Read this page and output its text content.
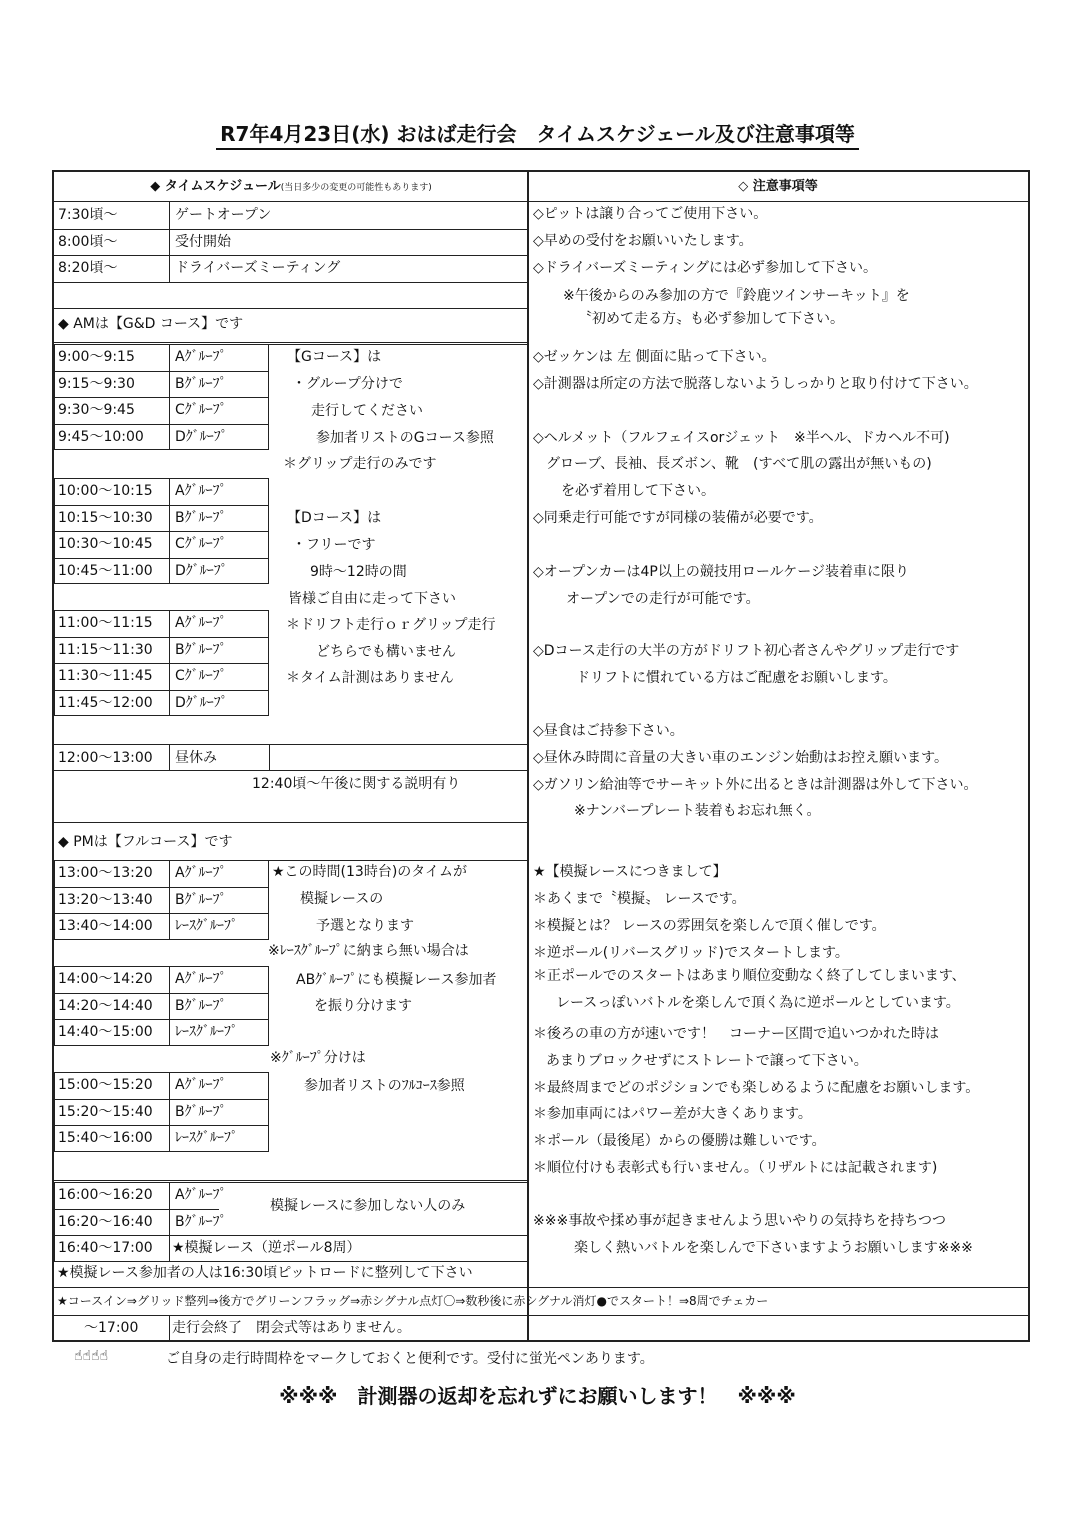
R7年4月23日(水) おはば走行会　タイムスケジェール及び注意事項等
◆ タイムスケジュール(当日多少の変更の可能性もあります)	◇ 注意事項等
7:30頃～	ゲートオープン
8:00頃～	受付開始
8:20頃～	ドライバーズミーティング
◆ AMは【G&D コース】です
9:00～9:15	Aｸﾞﾙｰﾌﾟ
9:15～9:30	Bｸﾞﾙｰﾌﾟ
9:30～9:45	Cｸﾞﾙｰﾌﾟ
9:45～10:00 Dｸﾞﾙｰﾌﾟ
10:00～10:15 Aｸﾞﾙｰﾌﾟ
10:15～10:30 Bｸﾞﾙｰﾌﾟ
10:30～10:45 Cｸﾞﾙｰﾌﾟ
10:45～11:00 Dｸﾞﾙｰﾌﾟ
11:00～11:15 Aｸﾞﾙｰﾌﾟ
11:15～11:30 Bｸﾞﾙｰﾌﾟ
11:30～11:45 Cｸﾞﾙｰﾌﾟ
11:45～12:00 Dｸﾞﾙｰﾌﾟ
【Gコース】は
・グループ分けで
走行してください
参加者リストのGコース参照
＊グリップ走行のみです
【Dコース】は
・フリーです
9時～12時の間
皆様ご自由に走って下さい
＊ドリフト走行ｏｒグリップ走行
どちらでも構いません
＊タイム計測はありません
12:00～13:00 昼休み
12:40頃～午後に関する説明有り
◆ PMは【フルコース】です
13:00～13:20 Aｸﾞﾙｰﾌﾟ
13:20～13:40 Bｸﾞﾙｰﾌﾟ
13:40～14:00 ﾚｰｽｸﾞﾙｰﾌﾟ
14:00～14:20 Aｸﾞﾙｰﾌﾟ
14:20～14:40 Bｸﾞﾙｰﾌﾟ
14:40～15:00 ﾚｰｽｸﾞﾙｰﾌﾟ
15:00～15:20 Aｸﾞﾙｰﾌﾟ
15:20～15:40 Bｸﾞﾙｰﾌﾟ
15:40～16:00 ﾚｰｽｸﾞﾙｰﾌﾟ
★この時間(13時台)のタイムが
模擬レースの
予選となります
※ﾚｰｽｸﾞﾙｰﾌﾟに納まら無い場合は
ABｸﾞﾙｰﾌﾟにも模擬レース参加者
を振り分けます
※ｸﾞﾙｰﾌﾟ分けは
参加者リストのﾌﾙｺｰｽ参照
16:00～16:20 Aｸﾞﾙｰﾌﾟ
16:20～16:40 Bｸﾞﾙｰﾌﾟ
模擬レースに参加しない人のみ
16:40～17:00 ★模擬レース（逆ポール8周）
★模擬レース参加者の人は16:30頃ピットロードに整列して下さい
★コースイン⇒グリッド整列⇒後方でグリーンフラッグ⇒赤シグナル点灯〇⇒数秒後に赤シグナル消灯●でスタート！⇒8周でチェカー
～17:00 走行会終了　閉会式等はありません。
◇ピットは譲り合ってご使用下さい。
◇早めの受付をお願いいたします。
◇ドライバーズミーティングには必ず参加して下さい。
※午後からのみ参加の方で『鈴鹿ツインサーキット』を
〝初めて走る方〟も必ず参加して下さい。
◇ゼッケンは 左 側面に貼って下さい。
◇計測器は所定の方法で脱落しないようしっかりと取り付けて下さい。
◇ヘルメット（フルフェイスorジェット　※半ヘル、ドカヘル不可)
グローブ、長袖、長ズボン、靴　(すべて肌の露出が無いもの)
を必ず着用して下さい。
◇同乗走行可能ですが同様の装備が必要です。
◇オープンカーは4P以上の競技用ロールケージ装着車に限り
オープンでの走行が可能です。
◇Dコース走行の大半の方がドリフト初心者さんやグリップ走行です
ドリフトに慣れている方はご配慮をお願いします。
◇昼食はご持参下さい。
◇昼休み時間に音量の大きい車のエンジン始動はお控え願います。
◇ガソリン給油等でサーキット外に出るときは計測器は外して下さい。
※ナンバープレート装着もお忘れ無く。
★【模擬レースにつきまして】
＊あくまで〝模擬〟 レースです。
＊模擬とは？ レースの雰囲気を楽しんで頂く催しです。
＊逆ポール(リバースグリッド)でスタートします。
＊正ポールでのスタートはあまり順位変動なく終了してしまいます、
レースっぽいバトルを楽しんで頂く為に逆ポールとしています。
＊後ろの車の方が速いです！　コーナー区間で追いつかれた時は
あまりブロックせずにストレートで譲って下さい。
＊最終周までどのポジションでも楽しめるように配慮をお願いします。
＊参加車両にはパワー差が大きくあります。
＊ポール（最後尾）からの優勝は難しいです。
＊順位付けも表彰式も行いません。（リザルトには記載されます)
※※※事故や揉め事が起きませんよう思いやりの気持ちを持ちつつ
楽しく熱いバトルを楽しんで下さいますようお願いします※※※
☝☝☝☝	ご自身の走行時間枠をマークしておくと便利です。受付に蛍光ペンあります。
※※※　計測器の返却を忘れずにお願いします！　※※※
